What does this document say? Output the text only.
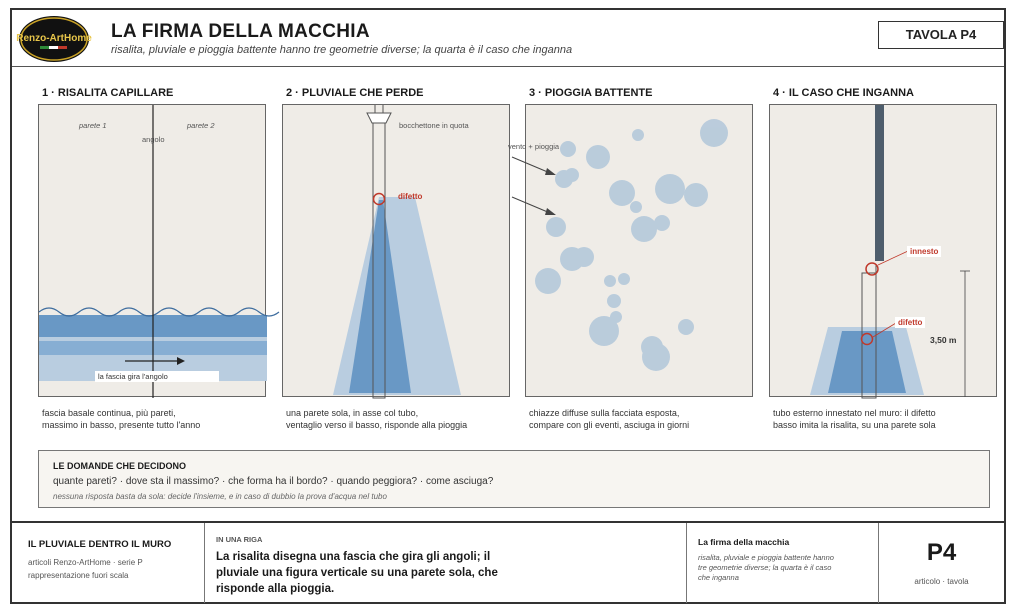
Renzo-ArtHome LA FIRMA DELLA MACCHIA
risalita, pluviale e pioggia battente hanno tre geometrie diverse; la quarta è il caso che inganna
TAVOLA P4
1 · RISALITA CAPILLARE	2 · PLUVIALE CHE PERDE	3 · PIOGGIA BATTENTE	4 · IL CASO CHE INGANNA
parete 1	parete 2
angolo
la fascia gira l'angolo
fascia basale continua, più pareti,
massimo in basso, presente tutto l'anno
bocchettone in quota
difetto
una parete sola, in asse col tubo,
ventaglio verso il basso, risponde alla pioggia
vento + pioggia
chiazze diffuse sulla facciata esposta,
compare con gli eventi, asciuga in giorni
innesto
difetto
3,50 m
tubo esterno innestato nel muro: il difetto
basso imita la risalita, su una parete sola
LE DOMANDE CHE DECIDONO
quante pareti? · dove sta il massimo? · che forma ha il bordo? · quando peggiora? · come asciuga?
nessuna risposta basta da sola: decide l'insieme, e in caso di dubbio la prova d'acqua nel tubo
IL PLUVIALE DENTRO IL MURO
articoli Renzo-ArtHome · serie P
rappresentazione fuori scala
IN UNA RIGA
La risalita disegna una fascia che gira gli angoli; il
pluviale una figura verticale su una parete sola, che
risponde alla pioggia.
La firma della macchia
risalita, pluviale e pioggia battente hanno
tre geometrie diverse; la quarta è il caso
che inganna
P4
articolo · tavola
